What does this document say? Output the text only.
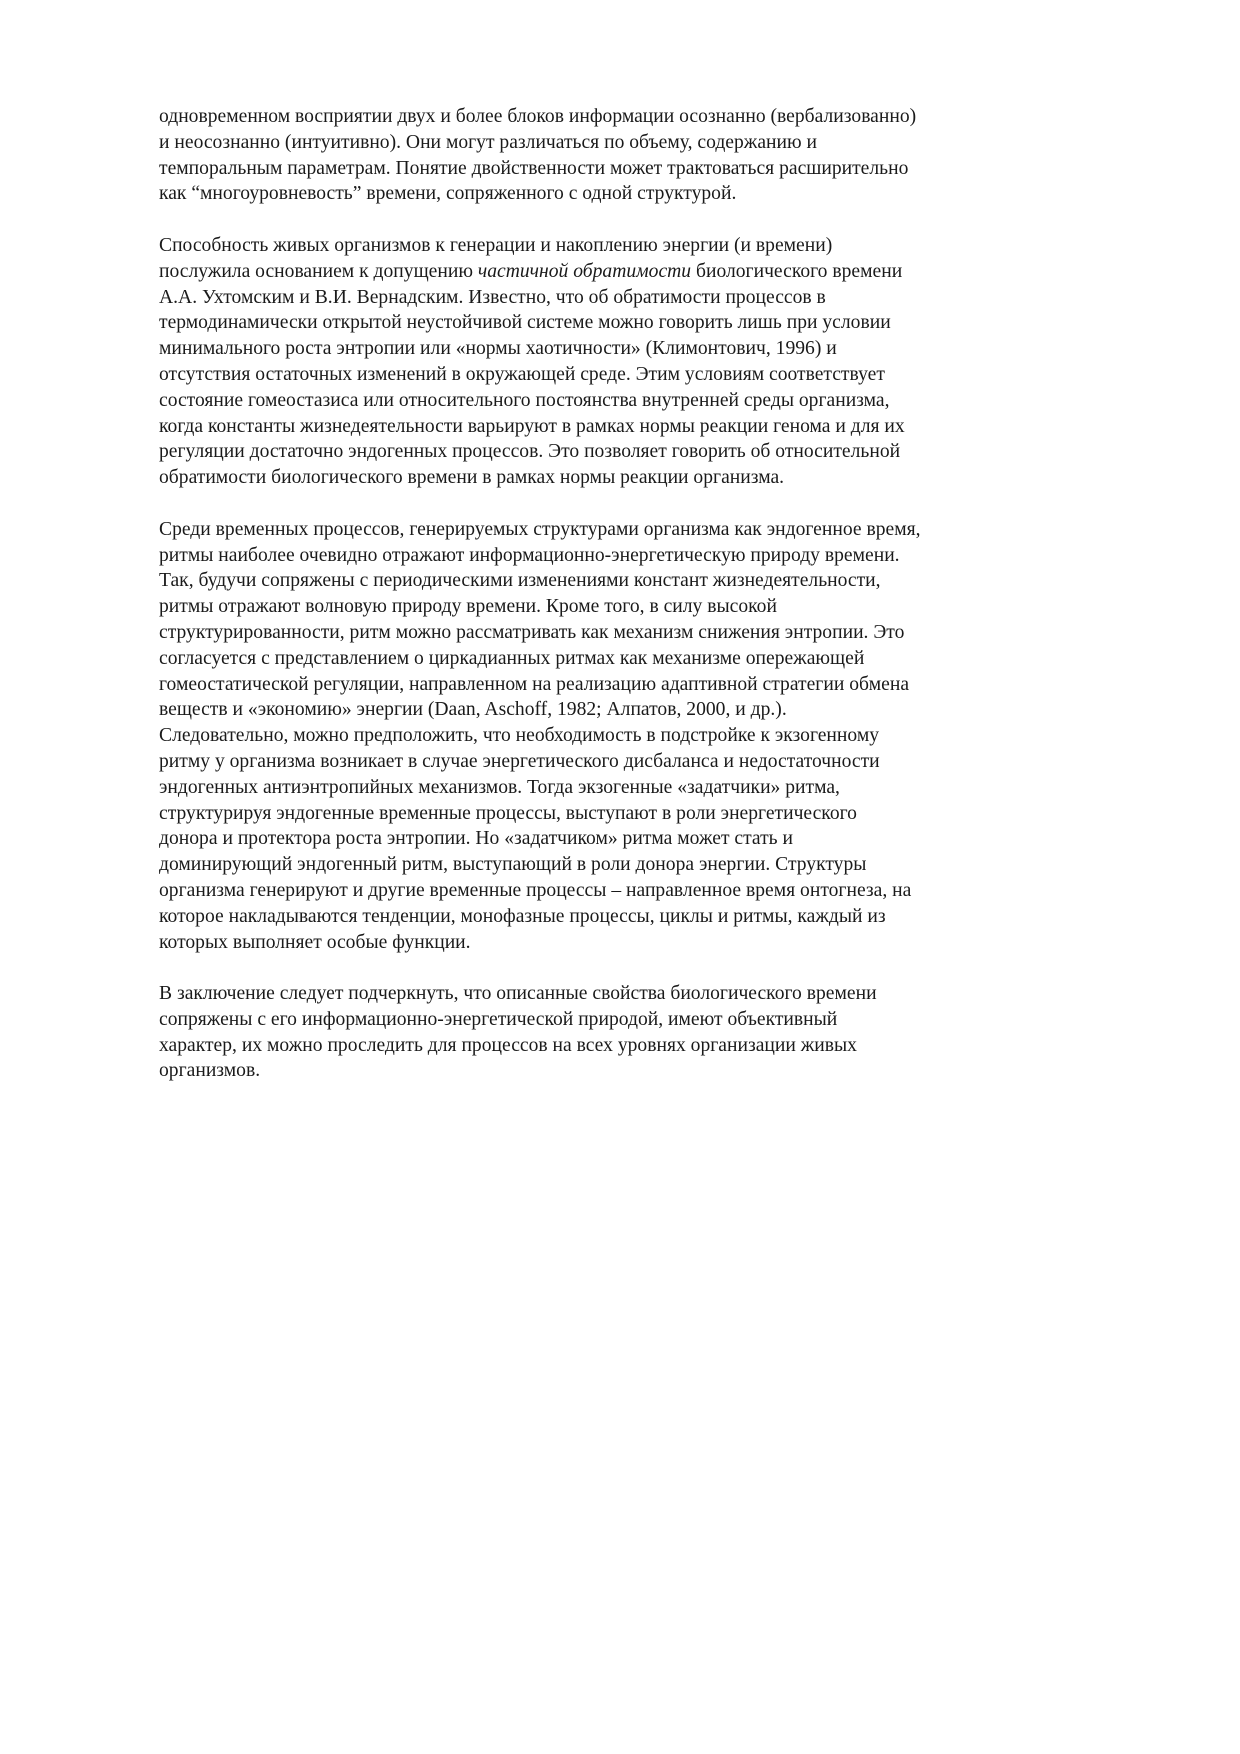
одновременном восприятии двух и более блоков информации осознанно (вербализованно)
и неосознанно (интуитивно). Они могут различаться по объему, содержанию и
темпоральным параметрам. Понятие двойственности может трактоваться расширительно
как “многоуровневость” времени, сопряженного с одной структурой.
Способность живых организмов к генерации и накоплению энергии (и времени)
послужила основанием к допущению частичной обратимости биологического времени
А.А. Ухтомским и В.И. Вернадским. Известно, что об обратимости процессов в
термодинамически открытой неустойчивой системе можно говорить лишь при условии
минимального роста энтропии или «нормы хаотичности» (Климонтович, 1996) и
отсутствия остаточных изменений в окружающей среде. Этим условиям соответствует
состояние гомеостазиса или относительного постоянства внутренней среды организма,
когда константы жизнедеятельности варьируют в рамках нормы реакции генома и для их
регуляции достаточно эндогенных процессов. Это позволяет говорить об относительной
обратимости биологического времени в рамках нормы реакции организма.
Среди временных процессов, генерируемых структурами организма как эндогенное время,
ритмы наиболее очевидно отражают информационно-энергетическую природу времени.
Так, будучи сопряжены с периодическими изменениями констант жизнедеятельности,
ритмы отражают волновую природу времени. Кроме того, в силу высокой
структурированности, ритм можно рассматривать как механизм снижения энтропии. Это
согласуется с представлением о циркадианных ритмах как механизме опережающей
гомеостатической регуляции, направленном на реализацию адаптивной стратегии обмена
веществ и «экономию» энергии (Daan, Aschoff, 1982; Алпатов, 2000, и др.).
Следовательно, можно предположить, что необходимость в подстройке к экзогенному
ритму у организма возникает в случае энергетического дисбаланса и недостаточности
эндогенных антиэнтропийных механизмов. Тогда экзогенные «задатчики» ритма,
структурируя эндогенные временные процессы, выступают в роли энергетического
донора и протектора роста энтропии. Но «задатчиком» ритма может стать и
доминирующий эндогенный ритм, выступающий в роли донора энергии. Структуры
организма генерируют и другие временные процессы – направленное время онтогнеза, на
которое накладываются тенденции, монофазные процессы, циклы и ритмы, каждый из
которых выполняет особые функции.
В заключение следует подчеркнуть, что описанные свойства биологического времени
сопряжены с его информационно-энергетической природой, имеют объективный
характер, их можно проследить для процессов на всех уровнях организации живых
организмов.
